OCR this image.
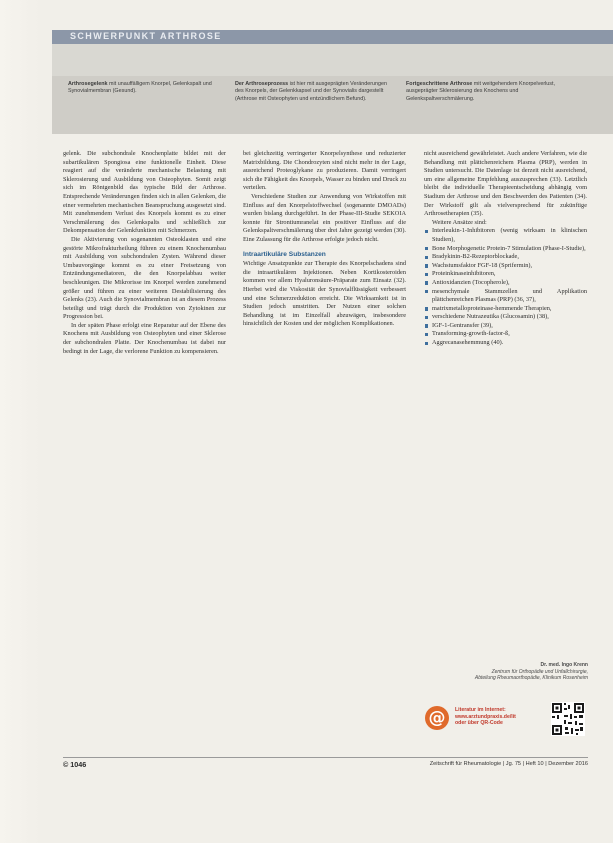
SCHWERPUNKT ARTHROSE
Arthrosegelenk mit unauffälligem Knorpel, Gelenkspalt und Synovialmembran (Gesund).
Der Arthroseprozess ist hier mit ausgeprägten Veränderungen des Knorpels, der Gelenkkapsel und der Synovialis dargestellt (Arthrose mit Osteophyten und entzündlichem Befund).
Fortgeschrittene Arthrose mit weitgehendem Knorpelverlust, ausgeprägter Sklerosierung des Knochens und Gelenkspaltverschmälerung.

gelenk. Die subchondrale Knochenplatte bildet mit der subartikulären Spongiosa eine funktionelle Einheit. Diese reagiert auf die veränderte mechanische Belastung mit Sklerosierung und Ausbildung von Osteophyten. Somit zeigt sich im Röntgenbild das typische Bild der Arthrose. Entsprechende Veränderungen finden sich in allen Gelenken, die einer vermehrten mechanischen Beanspruchung ausgesetzt sind. Mit zunehmendem Verlust des Knorpels kommt es zu einer Verschmälerung des Gelenkspalts und schließlich zur Dekompensation der Gelenkfunktion mit Schmerzen.

Die Aktivierung von sogenannten Osteoklasten und eine gestörte Mikrofrakturheilung führen zu einem Knochenumbau mit Ausbildung von subchondralen Zysten. Während dieser Umbauvorgänge kommt es zu einer Freisetzung von Entzündungsmediatoren, die den Knorpelabbau weiter beschleunigen. Die Mikrorisse im Knorpel werden zunehmend größer und führen zu einer weiteren Destabilisierung des Gelenks (23). Auch die Synovialmembran ist an diesem Prozess beteiligt und trägt durch die Produktion von Zytokinen zur Progression bei.

In der späten Phase erfolgt eine Reparatur auf der Ebene des Knochens mit Ausbildung von Osteophyten und einer Sklerose der subchondralen Platte. Der Knochenumbau ist dabei nur bedingt in der Lage, die verlorene Funktion zu kompensieren.

bei gleichzeitig verringerter Knorpelsynthese und reduzierter Matrixbildung. Die Chondrozyten sind nicht mehr in der Lage, ausreichend Proteoglykane zu produzieren. Damit verringert sich die Fähigkeit des Knorpels, Wasser zu binden und Druck zu verteilen.

Verschiedene Studien zur Anwendung von Wirkstoffen mit Einfluss auf den Knorpelstoffwechsel (sogenannte DMOADs) wurden bislang durchgeführt. In der Phase-III-Studie SEKOIA konnte für Strontiumranelat ein positiver Einfluss auf die Gelenkspaltverschmälerung über drei Jahre gezeigt werden (30). Eine Zulassung für die Arthrose erfolgte jedoch nicht.

Intraartikuläre Substanzen

Wichtige Ansatzpunkte zur Therapie des Knorpelschadens sind die intraartikulären Injektionen. Neben Kortikosteroiden kommen vor allem Hyaluronsäure-Präparate zum Einsatz (32). Hierbei wird die Viskosität der Synovialflüssigkeit verbessert und eine Schmerzreduktion erreicht. Die Wirksamkeit ist in Studien jedoch umstritten. Der Nutzen einer solchen Behandlung ist im Einzelfall abzuwägen, insbesondere hinsichtlich der Kosten und der möglichen Komplikationen.

nicht ausreichend gewährleistet. Auch andere Verfahren, wie die Behandlung mit plättchenreichem Plasma (PRP), werden in Studien untersucht. Die Datenlage ist derzeit nicht ausreichend, um eine allgemeine Empfehlung auszusprechen (33). Letztlich bleibt die individuelle Therapieentscheidung abhängig vom Stadium der Arthrose und den Beschwerden des Patienten (34). Der Wirkstoff gilt als vielversprechend für zukünftige Arthrosetherapien (35).

Weitere Ansätze sind:

Interleukin-1-Inhibitoren (wenig wirksam in klinischen Studien),
Bone Morphogenetic Protein-7 Stimulation (Phase-I-Studie),
Bradykinin-B2-Rezeptorblockade,
Wachstumsfaktor FGF-18 (Sprifermin),
Proteinkinaseinhibitoren,
Antioxidanzien (Tocopherole),
mesenchymale Stammzellen und Applikation plättchenreichen Plasmas (PRP) (36, 37),
matrixmetalloproteinase-hemmende Therapien,
verschiedene Nutrazeutika (Glucosamin) (38),
IGF-1-Gentransfer (39),
Transforming-growth-factor-ß,
Aggrecanasehemmung (40).
Dr. med. Ingo Krenn
Zentrum für Orthopädie und Unfallchirurgie,
Abteilung Rheumaorthopädie, Klinikum Rosenheim
@	Literatur im Internet:
www.arztundpraxis.de/lit
oder über QR-Code
© 1046	Zeitschrift für Rheumatologie | Jg. 75 | Heft 10 | Dezember 2016
